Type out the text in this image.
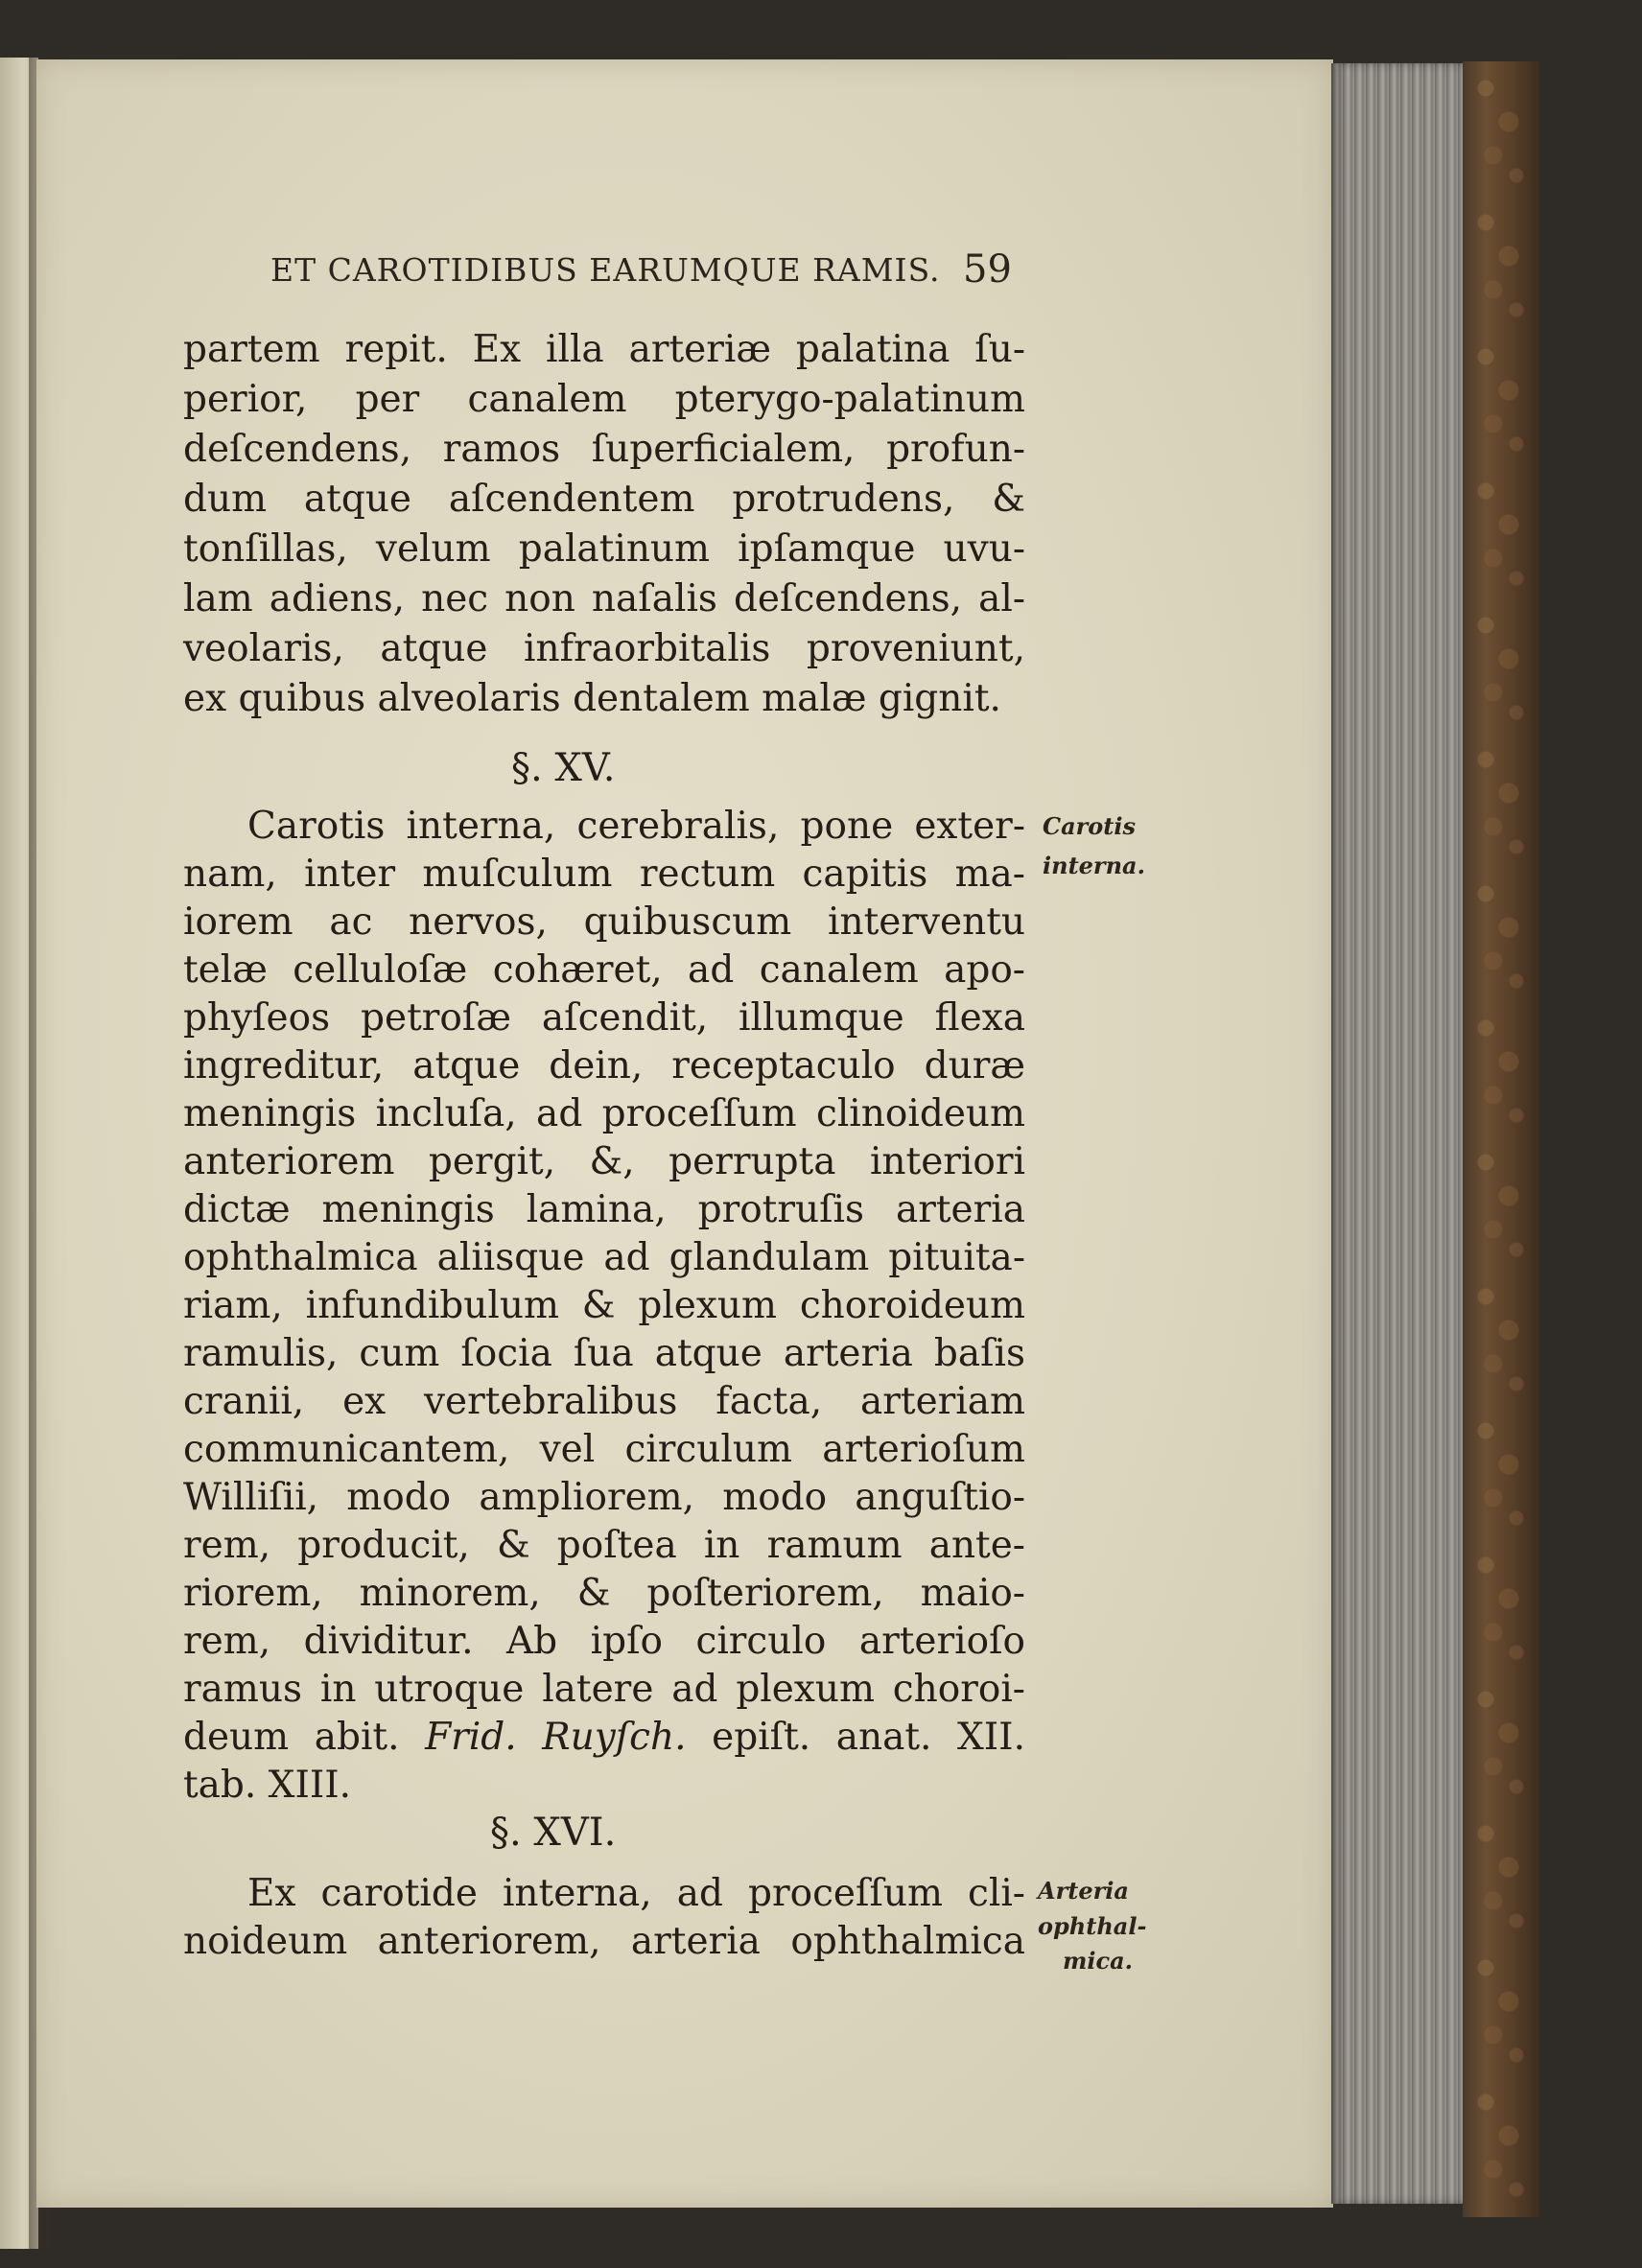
ET CAROTIDIBUS EARUMQUE RAMIS. 59
partem repit. Ex illa arteriæ palatina ſu-
perior, per canalem pterygo-palatinum
deſcendens, ramos ſuperficialem, profun-
dum atque aſcendentem protrudens, &
tonſillas, velum palatinum ipſamque uvu-
lam adiens, nec non naſalis deſcendens, al-
veolaris, atque infraorbitalis proveniunt,
ex quibus alveolaris dentalem malæ gignit.
§. XV.
Carotis interna, cerebralis, pone exter-
nam, inter muſculum rectum capitis ma-
iorem ac nervos, quibuscum interventu
telæ celluloſæ cohæret, ad canalem apo-
phyſeos petroſæ aſcendit, illumque flexa
ingreditur, atque dein, receptaculo duræ
meningis incluſa, ad proceſſum clinoideum
anteriorem pergit, &, perrupta interiori
dictæ meningis lamina, protruſis arteria
ophthalmica aliisque ad glandulam pituita-
riam, infundibulum & plexum choroideum
ramulis, cum ſocia ſua atque arteria baſis
cranii, ex vertebralibus facta, arteriam
communicantem, vel circulum arterioſum
Williſii, modo ampliorem, modo anguſtio-
rem, producit, & poſtea in ramum ante-
riorem, minorem, & poſteriorem, maio-
rem, dividitur. Ab ipſo circulo arterioſo
ramus in utroque latere ad plexum choroi-
deum abit. Frid. Ruyſch. epiſt. anat. XII.
tab. XIII.
Carotis
interna.
§. XVI.
Ex carotide interna, ad proceſſum cli-
noideum anteriorem, arteria ophthalmica
Arteria
ophthal-
mica.
